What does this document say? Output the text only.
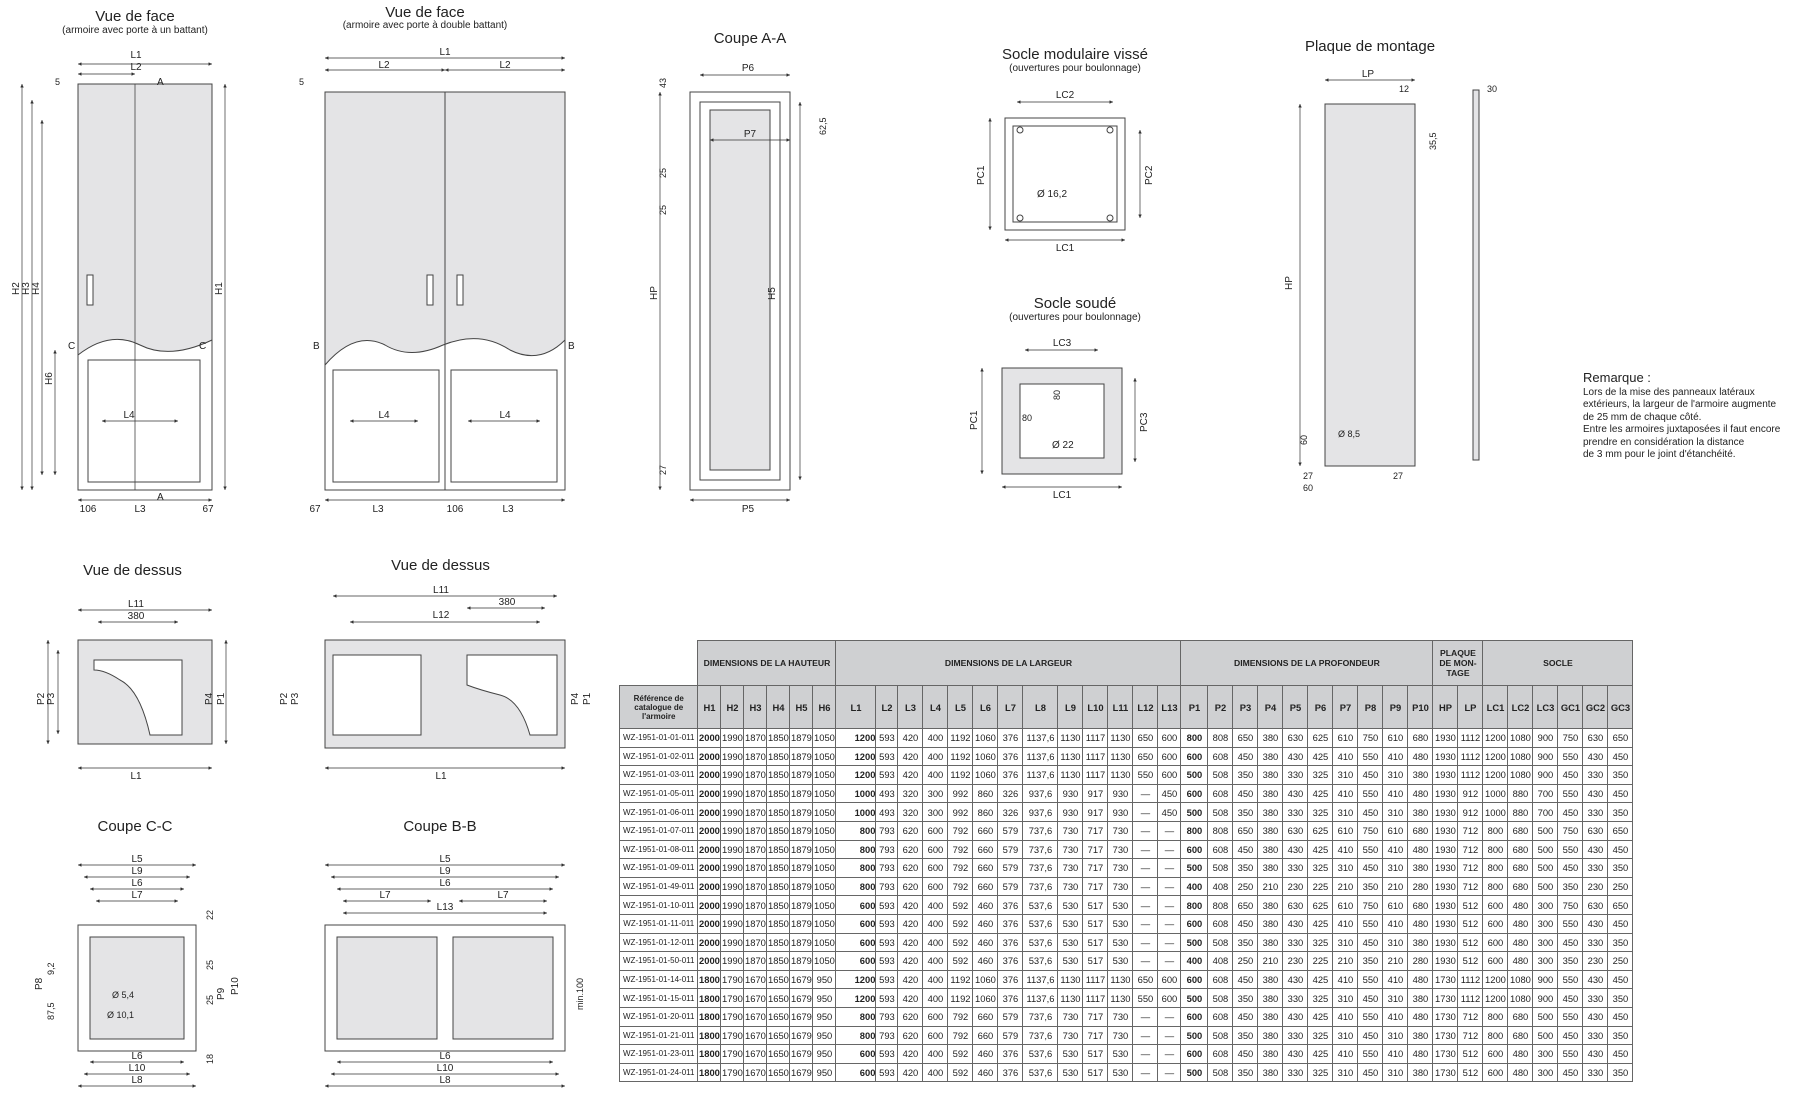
Vue de face
(armoire avec porte à un battant)
Vue de face
(armoire avec porte à double battant)
Coupe A-A
Socle modulaire vissé
(ouvertures pour boulonnage)
Socle soudé
(ouvertures pour boulonnage)
Plaque de montage
Vue de dessus	Vue de dessus
Coupe C-C	Coupe B-B
L1
L2
L3
L4
106	67
5	A
A
C	C
H2 H3 H4
H6
H1
L1
L2	L2
L3	L3
67	106
L4	L4
5
B	B
P6
P7
P5
HP	H5
43
62,5
25
25
27
LC2
LC1
PC1	PC2
Ø 16,2
LC3
LC1
PC1	PC3
80
80
Ø 22
LP
12	30
35,5
HP
Ø 8,5
60
27
60
27
L11
380
L1
P2 P3	P4 P1
L11
380
L12
L1
P2 P3	P4 P1
L5
L9
L6
L7
L6
L10
L8
P8
9,2
87,5
22
25
25 P9 P10
18
Ø 5,4
Ø 10,1
L5
L9
L6
L7	L7
L13
L6
L10
L8
min.100
Remarque :
Lors de la mise des panneaux latéraux
extérieurs, la largeur de l'armoire augmente
de 25 mm de chaque côté.
Entre les armoires juxtaposées il faut encore
prendre en considération la distance
de 3 mm pour le joint d'étanchéité.
	DIMENSIONS DE LA HAUTEUR						DIMENSIONS DE LA LARGEUR													DIMENSIONS DE LA PROFONDEUR										PLAQUE DE MON-TAGE		SOCLE					
Référence de catalogue de l'armoire	H1	H2	H3	H4	H5	H6	L1	L2	L3	L4	L5	L6	L7	L8	L9	L10	L11	L12	L13	P1	P2	P3	P4	P5	P6	P7	P8	P9	P10	HP	LP	LC1	LC2	LC3	GC1	GC2	GC3
WZ-1951-01-01-011	2000	1990	1870	1850	1879	1050	1200	593	420	400	1192	1060	376	1137,6	1130	1117	1130	650	600	800	808	650	380	630	625	610	750	610	680	1930	1112	1200	1080	900	750	630	650
WZ-1951-01-02-011	2000	1990	1870	1850	1879	1050	1200	593	420	400	1192	1060	376	1137,6	1130	1117	1130	650	600	600	608	450	380	430	425	410	550	410	480	1930	1112	1200	1080	900	550	430	450
WZ-1951-01-03-011	2000	1990	1870	1850	1879	1050	1200	593	420	400	1192	1060	376	1137,6	1130	1117	1130	550	600	500	508	350	380	330	325	310	450	310	380	1930	1112	1200	1080	900	450	330	350
WZ-1951-01-05-011	2000	1990	1870	1850	1879	1050	1000	493	320	300	992	860	326	937,6	930	917	930	—	450	600	608	450	380	430	425	410	550	410	480	1930	912	1000	880	700	550	430	450
WZ-1951-01-06-011	2000	1990	1870	1850	1879	1050	1000	493	320	300	992	860	326	937,6	930	917	930	—	450	500	508	350	380	330	325	310	450	310	380	1930	912	1000	880	700	450	330	350
WZ-1951-01-07-011	2000	1990	1870	1850	1879	1050	800	793	620	600	792	660	579	737,6	730	717	730	—	—	800	808	650	380	630	625	610	750	610	680	1930	712	800	680	500	750	630	650
WZ-1951-01-08-011	2000	1990	1870	1850	1879	1050	800	793	620	600	792	660	579	737,6	730	717	730	—	—	600	608	450	380	430	425	410	550	410	480	1930	712	800	680	500	550	430	450
WZ-1951-01-09-011	2000	1990	1870	1850	1879	1050	800	793	620	600	792	660	579	737,6	730	717	730	—	—	500	508	350	380	330	325	310	450	310	380	1930	712	800	680	500	450	330	350
WZ-1951-01-49-011	2000	1990	1870	1850	1879	1050	800	793	620	600	792	660	579	737,6	730	717	730	—	—	400	408	250	210	230	225	210	350	210	280	1930	712	800	680	500	350	230	250
WZ-1951-01-10-011	2000	1990	1870	1850	1879	1050	600	593	420	400	592	460	376	537,6	530	517	530	—	—	800	808	650	380	630	625	610	750	610	680	1930	512	600	480	300	750	630	650
WZ-1951-01-11-011	2000	1990	1870	1850	1879	1050	600	593	420	400	592	460	376	537,6	530	517	530	—	—	600	608	450	380	430	425	410	550	410	480	1930	512	600	480	300	550	430	450
WZ-1951-01-12-011	2000	1990	1870	1850	1879	1050	600	593	420	400	592	460	376	537,6	530	517	530	—	—	500	508	350	380	330	325	310	450	310	380	1930	512	600	480	300	450	330	350
WZ-1951-01-50-011	2000	1990	1870	1850	1879	1050	600	593	420	400	592	460	376	537,6	530	517	530	—	—	400	408	250	210	230	225	210	350	210	280	1930	512	600	480	300	350	230	250
WZ-1951-01-14-011	1800	1790	1670	1650	1679	950	1200	593	420	400	1192	1060	376	1137,6	1130	1117	1130	650	600	600	608	450	380	430	425	410	550	410	480	1730	1112	1200	1080	900	550	430	450
WZ-1951-01-15-011	1800	1790	1670	1650	1679	950	1200	593	420	400	1192	1060	376	1137,6	1130	1117	1130	550	600	500	508	350	380	330	325	310	450	310	380	1730	1112	1200	1080	900	450	330	350
WZ-1951-01-20-011	1800	1790	1670	1650	1679	950	800	793	620	600	792	660	579	737,6	730	717	730	—	—	600	608	450	380	430	425	410	550	410	480	1730	712	800	680	500	550	430	450
WZ-1951-01-21-011	1800	1790	1670	1650	1679	950	800	793	620	600	792	660	579	737,6	730	717	730	—	—	500	508	350	380	330	325	310	450	310	380	1730	712	800	680	500	450	330	350
WZ-1951-01-23-011	1800	1790	1670	1650	1679	950	600	593	420	400	592	460	376	537,6	530	517	530	—	—	600	608	450	380	430	425	410	550	410	480	1730	512	600	480	300	550	430	450
WZ-1951-01-24-011	1800	1790	1670	1650	1679	950	600	593	420	400	592	460	376	537,6	530	517	530	—	—	500	508	350	380	330	325	310	450	310	380	1730	512	600	480	300	450	330	350
